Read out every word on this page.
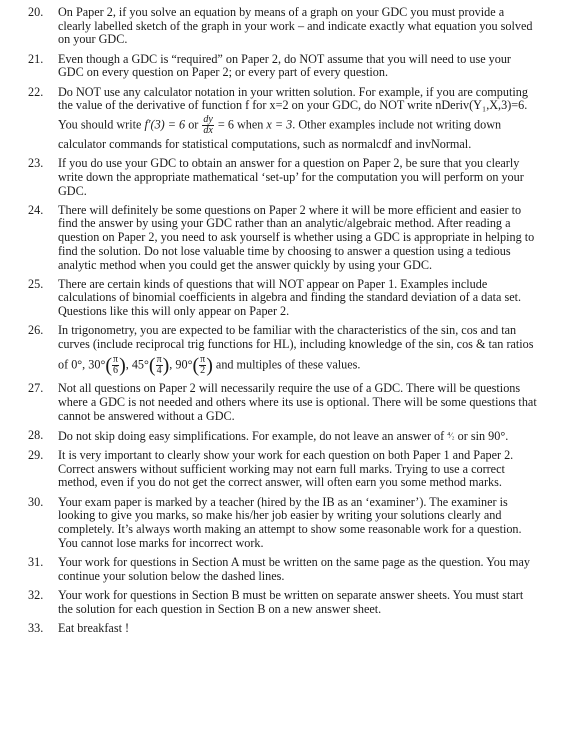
20.	On Paper 2, if you solve an equation by means of a graph on your GDC you must provide a
clearly labelled sketch of the graph in your work – and indicate exactly what equation you solved
on your GDC.
21.	Even though a GDC is “required” on Paper 2, do NOT assume that you will need to use your
GDC on every question on Paper 2; or every part of every question.
22.	Do NOT use any calculator notation in your written solution. For example, if you are computing
the value of the derivative of function f for x=2 on your GDC, do NOT write nDeriv(Y₁,X,3)=6.
You should write f′(3) = 6 or $\frac{dy}{dx} = 6$ when x = 3. Other examples include not writing down
calculator commands for statistical computations, such as normalcdf and invNormal.
23.	If you do use your GDC to obtain an answer for a question on Paper 2, be sure that you clearly
write down the appropriate mathematical ‘set-up’ for the computation you will perform on your
GDC.
24.	There will definitely be some questions on Paper 2 where it will be more efficient and easier to
find the answer by using your GDC rather than an analytic/algebraic method. After reading a
question on Paper 2, you need to ask yourself is whether using a GDC is appropriate in helping to
find the solution. Do not lose valuable time by choosing to answer a question using a tedious
analytic method when you could get the answer quickly by using your GDC.
25.	There are certain kinds of questions that will NOT appear on Paper 1. Examples include
calculations of binomial coefficients in algebra and finding the standard deviation of a data set.
Questions like this will only appear on Paper 2.
26.	In trigonometry, you are expected to be familiar with the characteristics of the sin, cos and tan
curves (include reciprocal trig functions for HL), including knowledge of the sin, cos & tan ratios
of 0°, $30^\circ( \frac{\pi}{6}$ ), $45^\circ( \frac{\pi}{4}$ ), $90^\circ( \frac{\pi}{2}$ ) and multiples of these values.
27.	Not all questions on Paper 2 will necessarily require the use of a GDC. There will be questions
where a GDC is not needed and others where its use is optional. There will be some questions that
cannot be answered without a GDC.
28.	Do not skip doing easy simplifications. For example, do not leave an answer of ⁴⁄₂ or sin 90°.
29.	It is very important to clearly show your work for each question on both Paper 1 and Paper 2.
Correct answers without sufficient working may not earn full marks. Trying to use a correct
method, even if you do not get the correct answer, will often earn you some method marks.
30.	Your exam paper is marked by a teacher (hired by the IB as an ‘examiner’). The examiner is
looking to give you marks, so make his/her job easier by writing your solutions clearly and
completely. It’s always worth making an attempt to show some reasonable work for a question.
You cannot lose marks for incorrect work.
31.	Your work for questions in Section A must be written on the same page as the question. You may
continue your solution below the dashed lines.
32.	Your work for questions in Section B must be written on separate answer sheets. You must start
the solution for each question in Section B on a new answer sheet.
33.	Eat breakfast !
